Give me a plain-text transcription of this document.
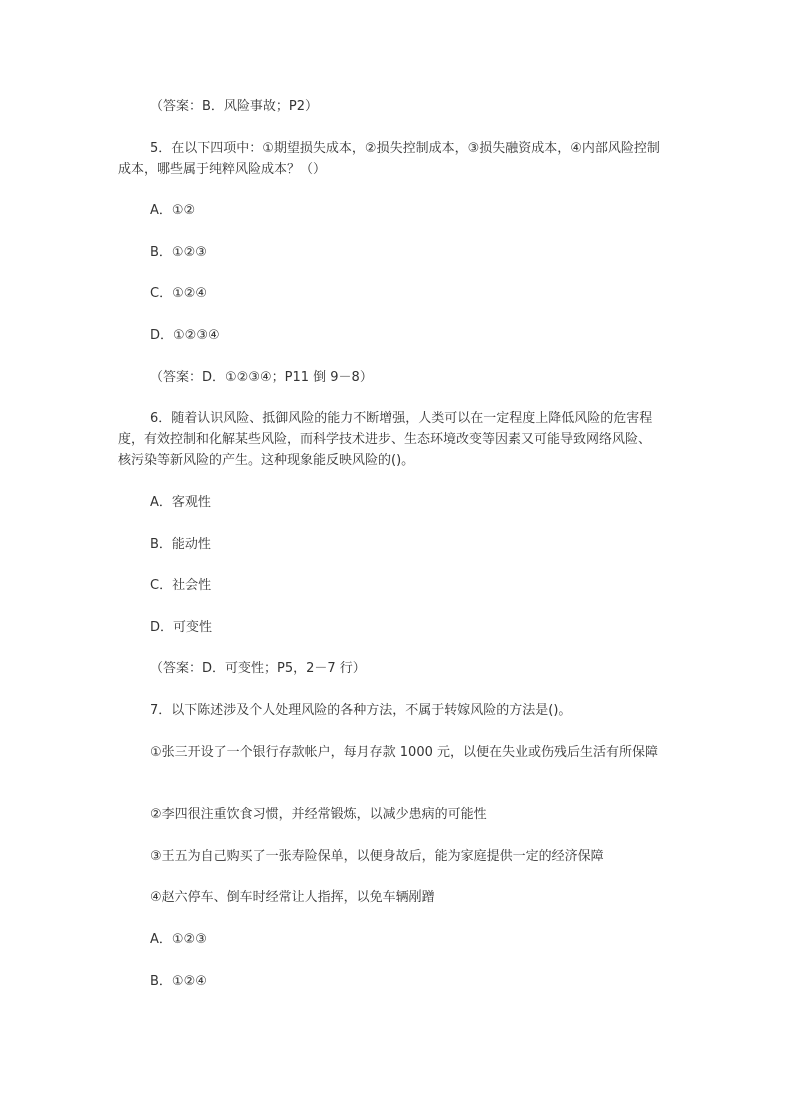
（答案：B．风险事故；P2）

5．在以下四项中：①期望损失成本，②损失控制成本，③损失融资成本，④内部风险控制成本，哪些属于纯粹风险成本？（）

A．①②

B．①②③

C．①②④

D．①②③④

（答案：D．①②③④；P11 倒 9－8）

6．随着认识风险、抵御风险的能力不断增强，人类可以在一定程度上降低风险的危害程度，有效控制和化解某些风险，而科学技术进步、生态环境改变等因素又可能导致网络风险、核污染等新风险的产生。这种现象能反映风险的()。

A．客观性

B．能动性

C．社会性

D．可变性

（答案：D．可变性；P5，2－7 行）

7．以下陈述涉及个人处理风险的各种方法，不属于转嫁风险的方法是()。

①张三开设了一个银行存款帐户，每月存款 1000 元，以便在失业或伤残后生活有所保障

②李四很注重饮食习惯，并经常锻炼，以减少患病的可能性

③王五为自己购买了一张寿险保单，以便身故后，能为家庭提供一定的经济保障

④赵六停车、倒车时经常让人指挥，以免车辆剐蹭

A．①②③

B．①②④
